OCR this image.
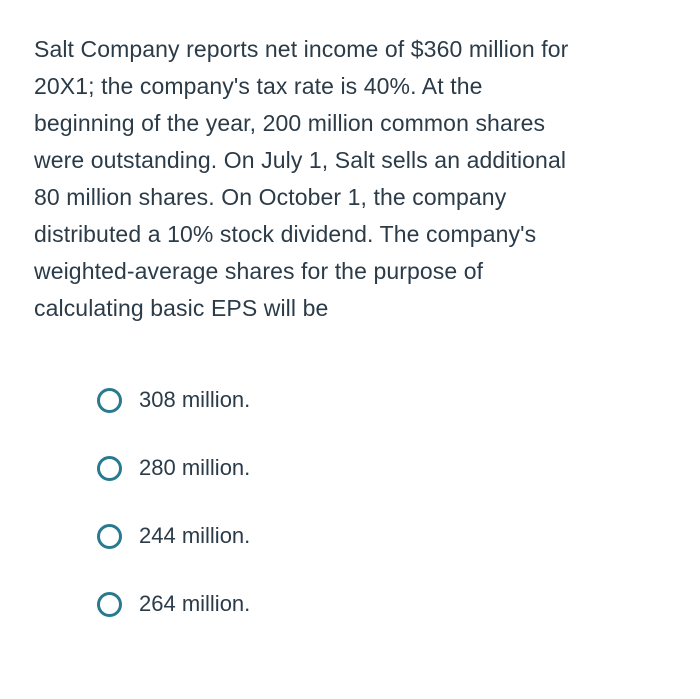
Salt Company reports net income of $360 million for
20X1; the company's tax rate is 40%. At the
beginning of the year, 200 million common shares
were outstanding. On July 1, Salt sells an additional
80 million shares. On October 1, the company
distributed a 10% stock dividend. The company's
weighted-average shares for the purpose of
calculating basic EPS will be

308 million.
280 million.
244 million.
264 million.
